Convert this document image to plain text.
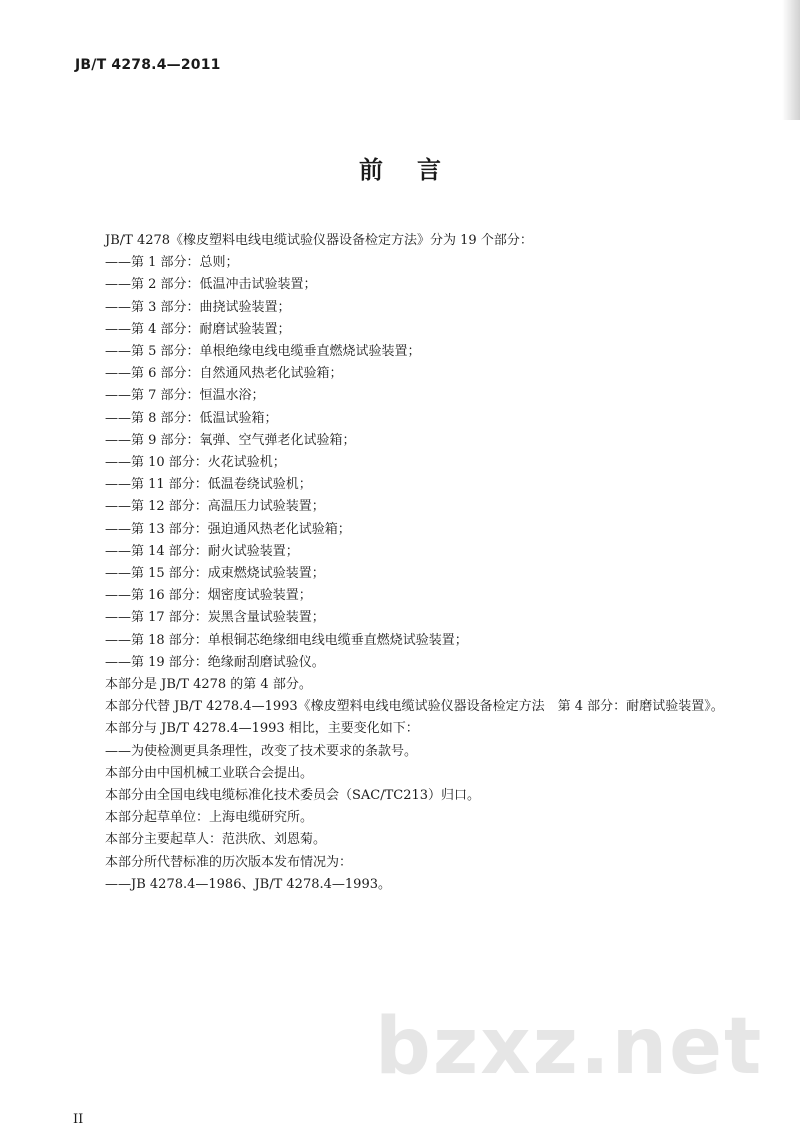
JB/T 4278.4—2011
前言
JB/T 4278《橡皮塑料电线电缆试验仪器设备检定方法》分为 19 个部分：
——第 1 部分：总则；
——第 2 部分：低温冲击试验装置；
——第 3 部分：曲挠试验装置；
——第 4 部分：耐磨试验装置；
——第 5 部分：单根绝缘电线电缆垂直燃烧试验装置；
——第 6 部分：自然通风热老化试验箱；
——第 7 部分：恒温水浴；
——第 8 部分：低温试验箱；
——第 9 部分：氧弹、空气弹老化试验箱；
——第 10 部分：火花试验机；
——第 11 部分：低温卷绕试验机；
——第 12 部分：高温压力试验装置；
——第 13 部分：强迫通风热老化试验箱；
——第 14 部分：耐火试验装置；
——第 15 部分：成束燃烧试验装置；
——第 16 部分：烟密度试验装置；
——第 17 部分：炭黑含量试验装置；
——第 18 部分：单根铜芯绝缘细电线电缆垂直燃烧试验装置；
——第 19 部分：绝缘耐刮磨试验仪。
本部分是 JB/T 4278 的第 4 部分。
本部分代替 JB/T 4278.4—1993《橡皮塑料电线电缆试验仪器设备检定方法　第 4 部分：耐磨试验装置》。
本部分与 JB/T 4278.4—1993 相比，主要变化如下：
——为使检测更具条理性，改变了技术要求的条款号。
本部分由中国机械工业联合会提出。
本部分由全国电线电缆标准化技术委员会（SAC/TC213）归口。
本部分起草单位：上海电缆研究所。
本部分主要起草人：范洪欣、刘恩菊。
本部分所代替标准的历次版本发布情况为：
——JB 4278.4—1986、JB/T 4278.4—1993。
bzxz.net
II
